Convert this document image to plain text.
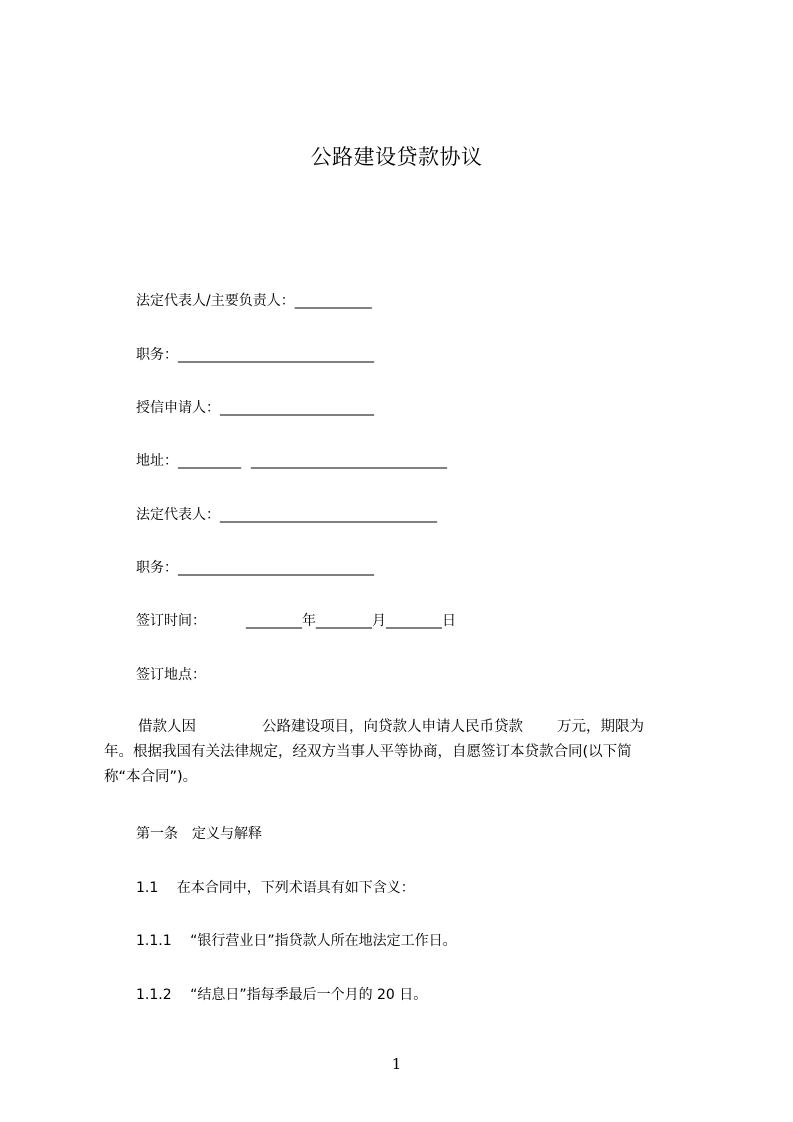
公路建设贷款协议
法定代表人/主要负责人：___________
职务：____________________________
授信申请人：______________________
地址：_________ ____________________________
法定代表人：_______________________________
职务：____________________________
签订时间：	________年________月________日
签订地点：
借款人因	公路建设项目，向贷款人申请人民币贷款 万元，期限为
年。根据我国有关法律规定，经双方当事人平等协商，自愿签订本贷款合同(以下简
称“本合同”)。
第一条　定义与解释
1.1　 在本合同中，下列术语具有如下含义：
1.1.1　 “银行营业日”指贷款人所在地法定工作日。
1.1.2　 “结息日”指每季最后一个月的 20 日。
1
